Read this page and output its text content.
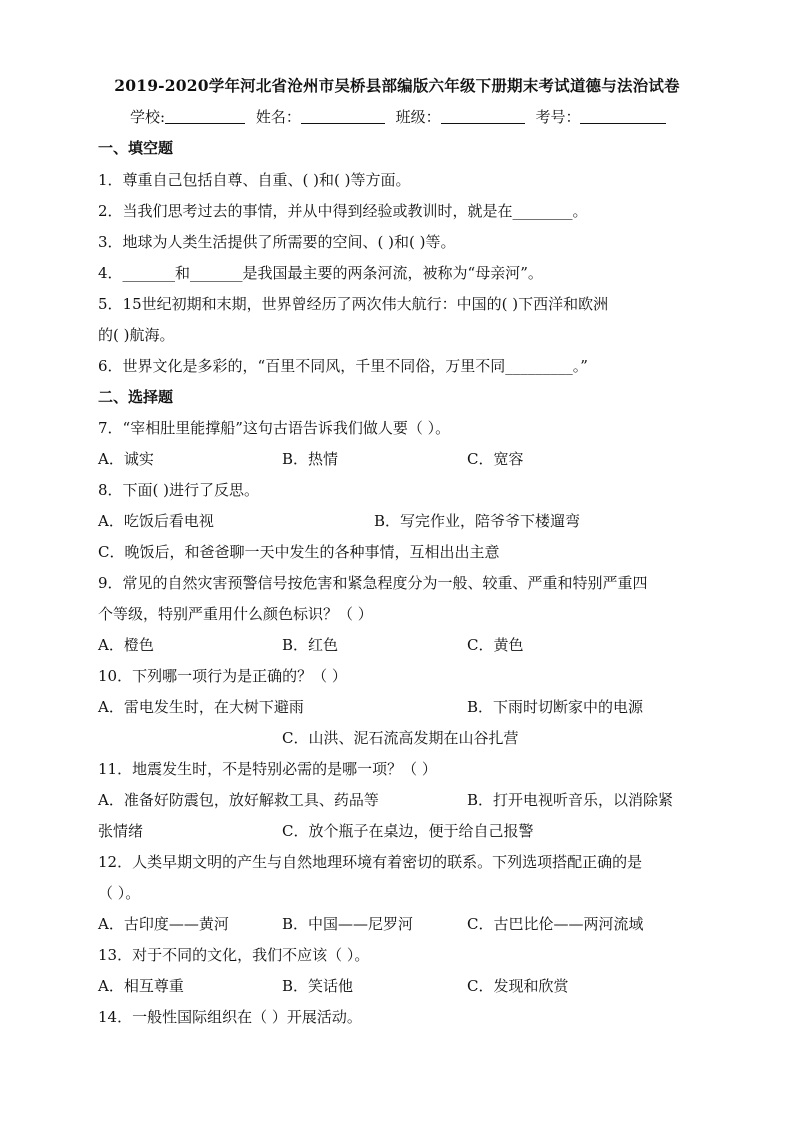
2019-2020学年河北省沧州市吴桥县部编版六年级下册期末考试道德与法治试卷
学校:	姓名：	班级：	考号：
一、填空题
1．尊重自己包括自尊、自重、( )和( )等方面。
2．当我们思考过去的事情，并从中得到经验或教训时，就是在________。
3．地球为人类生活提供了所需要的空间、( )和( )等。
4．_______和_______是我国最主要的两条河流，被称为“母亲河”。
5．15世纪初期和末期，世界曾经历了两次伟大航行：中国的( )下西洋和欧洲
的( )航海。
6．世界文化是多彩的，“百里不同风，千里不同俗，万里不同_________。”
二、选择题
7．“宰相肚里能撑船”这句古语告诉我们做人要（ ）。
A．诚实	B．热情	C．宽容
8．下面( )进行了反思。
A．吃饭后看电视	B．写完作业，陪爷爷下楼遛弯
C．晚饭后，和爸爸聊一天中发生的各种事情，互相出出主意
9．常见的自然灾害预警信号按危害和紧急程度分为一般、较重、严重和特别严重四
个等级，特别严重用什么颜色标识？（ ）
A．橙色	B．红色	C．黄色
10．下列哪一项行为是正确的？（ ）
A．雷电发生时，在大树下避雨	B．下雨时切断家中的电源
C．山洪、泥石流高发期在山谷扎营
11．地震发生时，不是特别必需的是哪一项？（ ）
A．准备好防震包，放好解救工具、药品等	B．打开电视听音乐，以消除紧
张情绪	C．放个瓶子在桌边，便于给自己报警
12．人类早期文明的产生与自然地理环境有着密切的联系。下列选项搭配正确的是
（ ）。
A．古印度——黄河	B．中国——尼罗河	C．古巴比伦——两河流域
13．对于不同的文化，我们不应该（ ）。
A．相互尊重	B．笑话他	C．发现和欣赏
14．一般性国际组织在（ ）开展活动。
